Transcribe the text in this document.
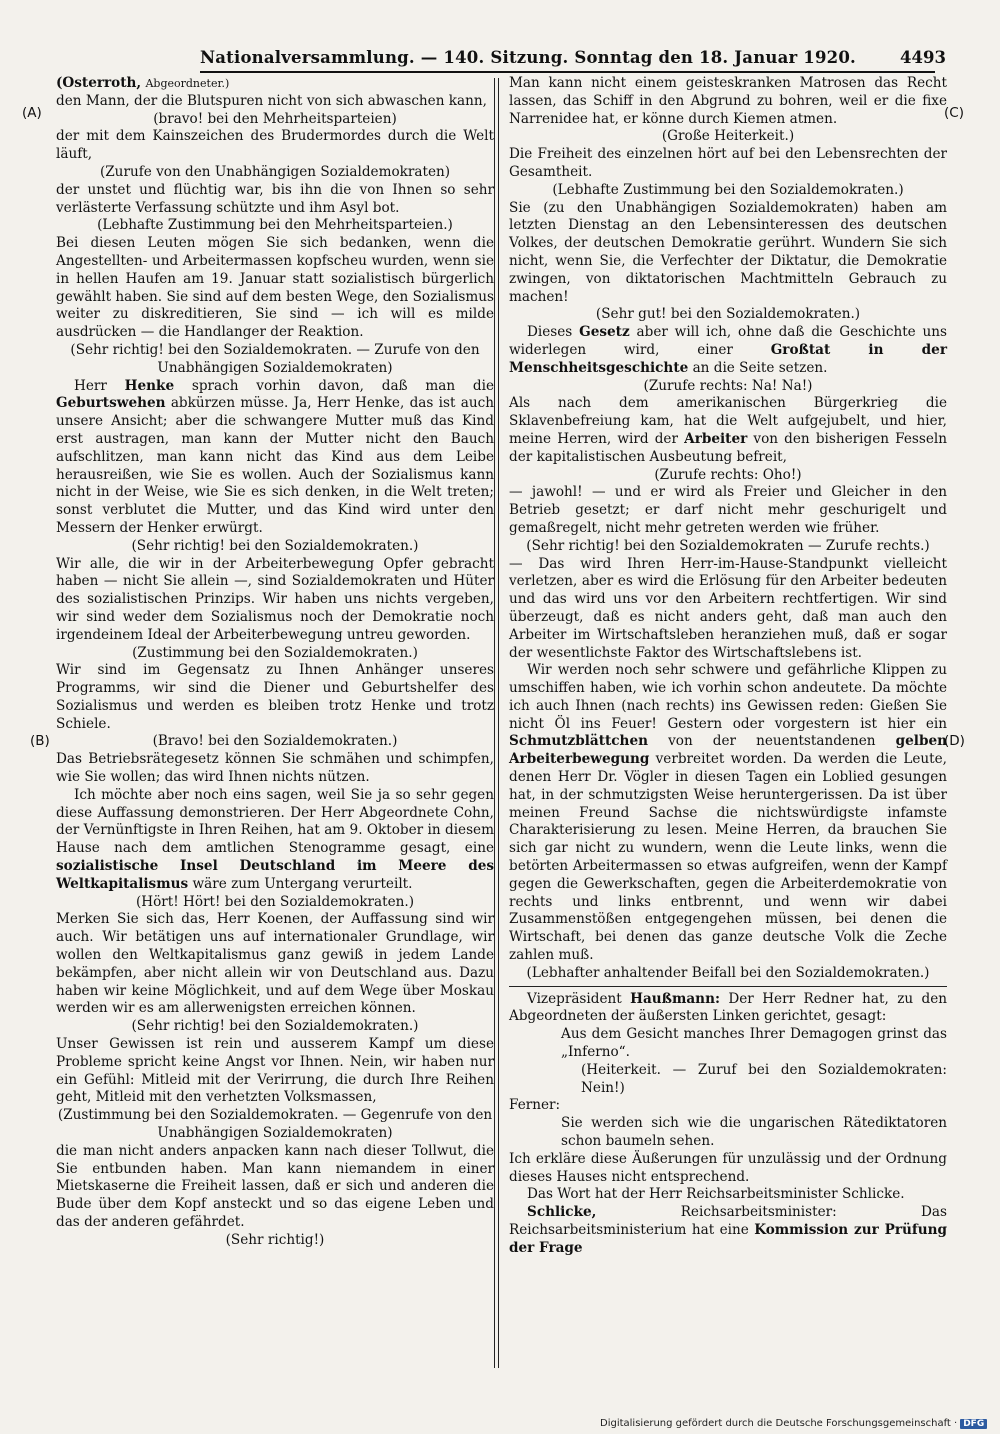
Nationalversammlung. — 140. Sitzung. Sonntag den 18. Januar 1920.	4493
(A)
(B)
(C)
(D)

(Osterroth, Abgeordneter.)

den Mann, der die Blutspuren nicht von sich abwaschen kann,

(bravo! bei den Mehrheitsparteien)

der mit dem Kainszeichen des Brudermordes durch die Welt läuft,

(Zurufe von den Unabhängigen Sozialdemokraten)

der unstet und flüchtig war, bis ihn die von Ihnen so sehr verlästerte Verfassung schützte und ihm Asyl bot.

(Lebhafte Zustimmung bei den Mehrheitsparteien.)

Bei diesen Leuten mögen Sie sich bedanken, wenn die Angestellten- und Arbeitermassen kopfscheu wurden, wenn sie in hellen Haufen am 19. Januar statt sozialistisch bürgerlich gewählt haben. Sie sind auf dem besten Wege, den Sozialismus weiter zu diskreditieren, Sie sind — ich will es milde ausdrücken — die Handlanger der Reaktion.

(Sehr richtig! bei den Sozialdemokraten. — Zurufe von den Unabhängigen Sozialdemokraten)

Herr Henke sprach vorhin davon, daß man die Geburtswehen abkürzen müsse. Ja, Herr Henke, das ist auch unsere Ansicht; aber die schwangere Mutter muß das Kind erst austragen, man kann der Mutter nicht den Bauch aufschlitzen, man kann nicht das Kind aus dem Leibe herausreißen, wie Sie es wollen. Auch der Sozialismus kann nicht in der Weise, wie Sie es sich denken, in die Welt treten; sonst verblutet die Mutter, und das Kind wird unter den Messern der Henker erwürgt.

(Sehr richtig! bei den Sozialdemokraten.)

Wir alle, die wir in der Arbeiterbewegung Opfer gebracht haben — nicht Sie allein —, sind Sozialdemokraten und Hüter des sozialistischen Prinzips. Wir haben uns nichts vergeben, wir sind weder dem Sozialismus noch der Demokratie noch irgendeinem Ideal der Arbeiterbewegung untreu geworden.

(Zustimmung bei den Sozialdemokraten.)

Wir sind im Gegensatz zu Ihnen Anhänger unseres Programms, wir sind die Diener und Geburtshelfer des Sozialismus und werden es bleiben trotz Henke und trotz Schiele.

(Bravo! bei den Sozialdemokraten.)

Das Betriebsrätegesetz können Sie schmähen und schimpfen, wie Sie wollen; das wird Ihnen nichts nützen.

Ich möchte aber noch eins sagen, weil Sie ja so sehr gegen diese Auffassung demonstrieren. Der Herr Abgeordnete Cohn, der Vernünftigste in Ihren Reihen, hat am 9. Oktober in diesem Hause nach dem amtlichen Stenogramme gesagt, eine sozialistische Insel Deutschland im Meere des Weltkapitalismus wäre zum Untergang verurteilt.

(Hört! Hört! bei den Sozialdemokraten.)

Merken Sie sich das, Herr Koenen, der Auffassung sind wir auch. Wir betätigen uns auf internationaler Grundlage, wir wollen den Weltkapitalismus ganz gewiß in jedem Lande bekämpfen, aber nicht allein wir von Deutschland aus. Dazu haben wir keine Möglichkeit, und auf dem Wege über Moskau werden wir es am allerwenigsten erreichen können.

(Sehr richtig! bei den Sozialdemokraten.)

Unser Gewissen ist rein und ausserem Kampf um diese Probleme spricht keine Angst vor Ihnen. Nein, wir haben nur ein Gefühl: Mitleid mit der Verirrung, die durch Ihre Reihen geht, Mitleid mit den verhetzten Volksmassen,

(Zustimmung bei den Sozialdemokraten. — Gegenrufe von den Unabhängigen Sozialdemokraten)

die man nicht anders anpacken kann nach dieser Tollwut, die Sie entbunden haben. Man kann niemandem in einer Mietskaserne die Freiheit lassen, daß er sich und anderen die Bude über dem Kopf ansteckt und so das eigene Leben und das der anderen gefährdet.

(Sehr richtig!)

Man kann nicht einem geisteskranken Matrosen das Recht lassen, das Schiff in den Abgrund zu bohren, weil er die fixe Narrenidee hat, er könne durch Kiemen atmen.

(Große Heiterkeit.)

Die Freiheit des einzelnen hört auf bei den Lebensrechten der Gesamtheit.

(Lebhafte Zustimmung bei den Sozialdemokraten.)

Sie (zu den Unabhängigen Sozialdemokraten) haben am letzten Dienstag an den Lebensinteressen des deutschen Volkes, der deutschen Demokratie gerührt. Wundern Sie sich nicht, wenn Sie, die Verfechter der Diktatur, die Demokratie zwingen, von diktatorischen Machtmitteln Gebrauch zu machen!

(Sehr gut! bei den Sozialdemokraten.)

Dieses Gesetz aber will ich, ohne daß die Geschichte uns widerlegen wird, einer Großtat in der Menschheitsgeschichte an die Seite setzen.

(Zurufe rechts: Na! Na!)

Als nach dem amerikanischen Bürgerkrieg die Sklavenbefreiung kam, hat die Welt aufgejubelt, und hier, meine Herren, wird der Arbeiter von den bisherigen Fesseln der kapitalistischen Ausbeutung befreit,

(Zurufe rechts: Oho!)

— jawohl! — und er wird als Freier und Gleicher in den Betrieb gesetzt; er darf nicht mehr geschurigelt und gemaßregelt, nicht mehr getreten werden wie früher.

(Sehr richtig! bei den Sozialdemokraten — Zurufe rechts.)

— Das wird Ihren Herr-im-Hause-Standpunkt vielleicht verletzen, aber es wird die Erlösung für den Arbeiter bedeuten und das wird uns vor den Arbeitern rechtfertigen. Wir sind überzeugt, daß es nicht anders geht, daß man auch den Arbeiter im Wirtschaftsleben heranziehen muß, daß er sogar der wesentlichste Faktor des Wirtschaftslebens ist.

Wir werden noch sehr schwere und gefährliche Klippen zu umschiffen haben, wie ich vorhin schon andeutete. Da möchte ich auch Ihnen (nach rechts) ins Gewissen reden: Gießen Sie nicht Öl ins Feuer! Gestern oder vorgestern ist hier ein Schmutzblättchen von der neuentstandenen gelben Arbeiterbewegung verbreitet worden. Da werden die Leute, denen Herr Dr. Vögler in diesen Tagen ein Loblied gesungen hat, in der schmutzigsten Weise heruntergerissen. Da ist über meinen Freund Sachse die nichtswürdigste infamste Charakterisierung zu lesen. Meine Herren, da brauchen Sie sich gar nicht zu wundern, wenn die Leute links, wenn die betörten Arbeitermassen so etwas aufgreifen, wenn der Kampf gegen die Gewerkschaften, gegen die Arbeiterdemokratie von rechts und links entbrennt, und wenn wir dabei Zusammenstößen entgegengehen müssen, bei denen die Wirtschaft, bei denen das ganze deutsche Volk die Zeche zahlen muß.

(Lebhafter anhaltender Beifall bei den Sozialdemokraten.)

Vizepräsident Haußmann: Der Herr Redner hat, zu den Abgeordneten der äußersten Linken gerichtet, gesagt:

Aus dem Gesicht manches Ihrer Demagogen grinst das „Inferno“.

(Heiterkeit. — Zuruf bei den Sozialdemokraten: Nein!)

Ferner:

Sie werden sich wie die ungarischen Rätediktatoren schon baumeln sehen.

Ich erkläre diese Äußerungen für unzulässig und der Ordnung dieses Hauses nicht entsprechend.

Das Wort hat der Herr Reichsarbeitsminister Schlicke.

Schlicke, Reichsarbeitsminister: Das Reichsarbeitsministerium hat eine Kommission zur Prüfung der Frage

Digitalisierung gefördert durch die Deutsche Forschungsgemeinschaft · DFG
